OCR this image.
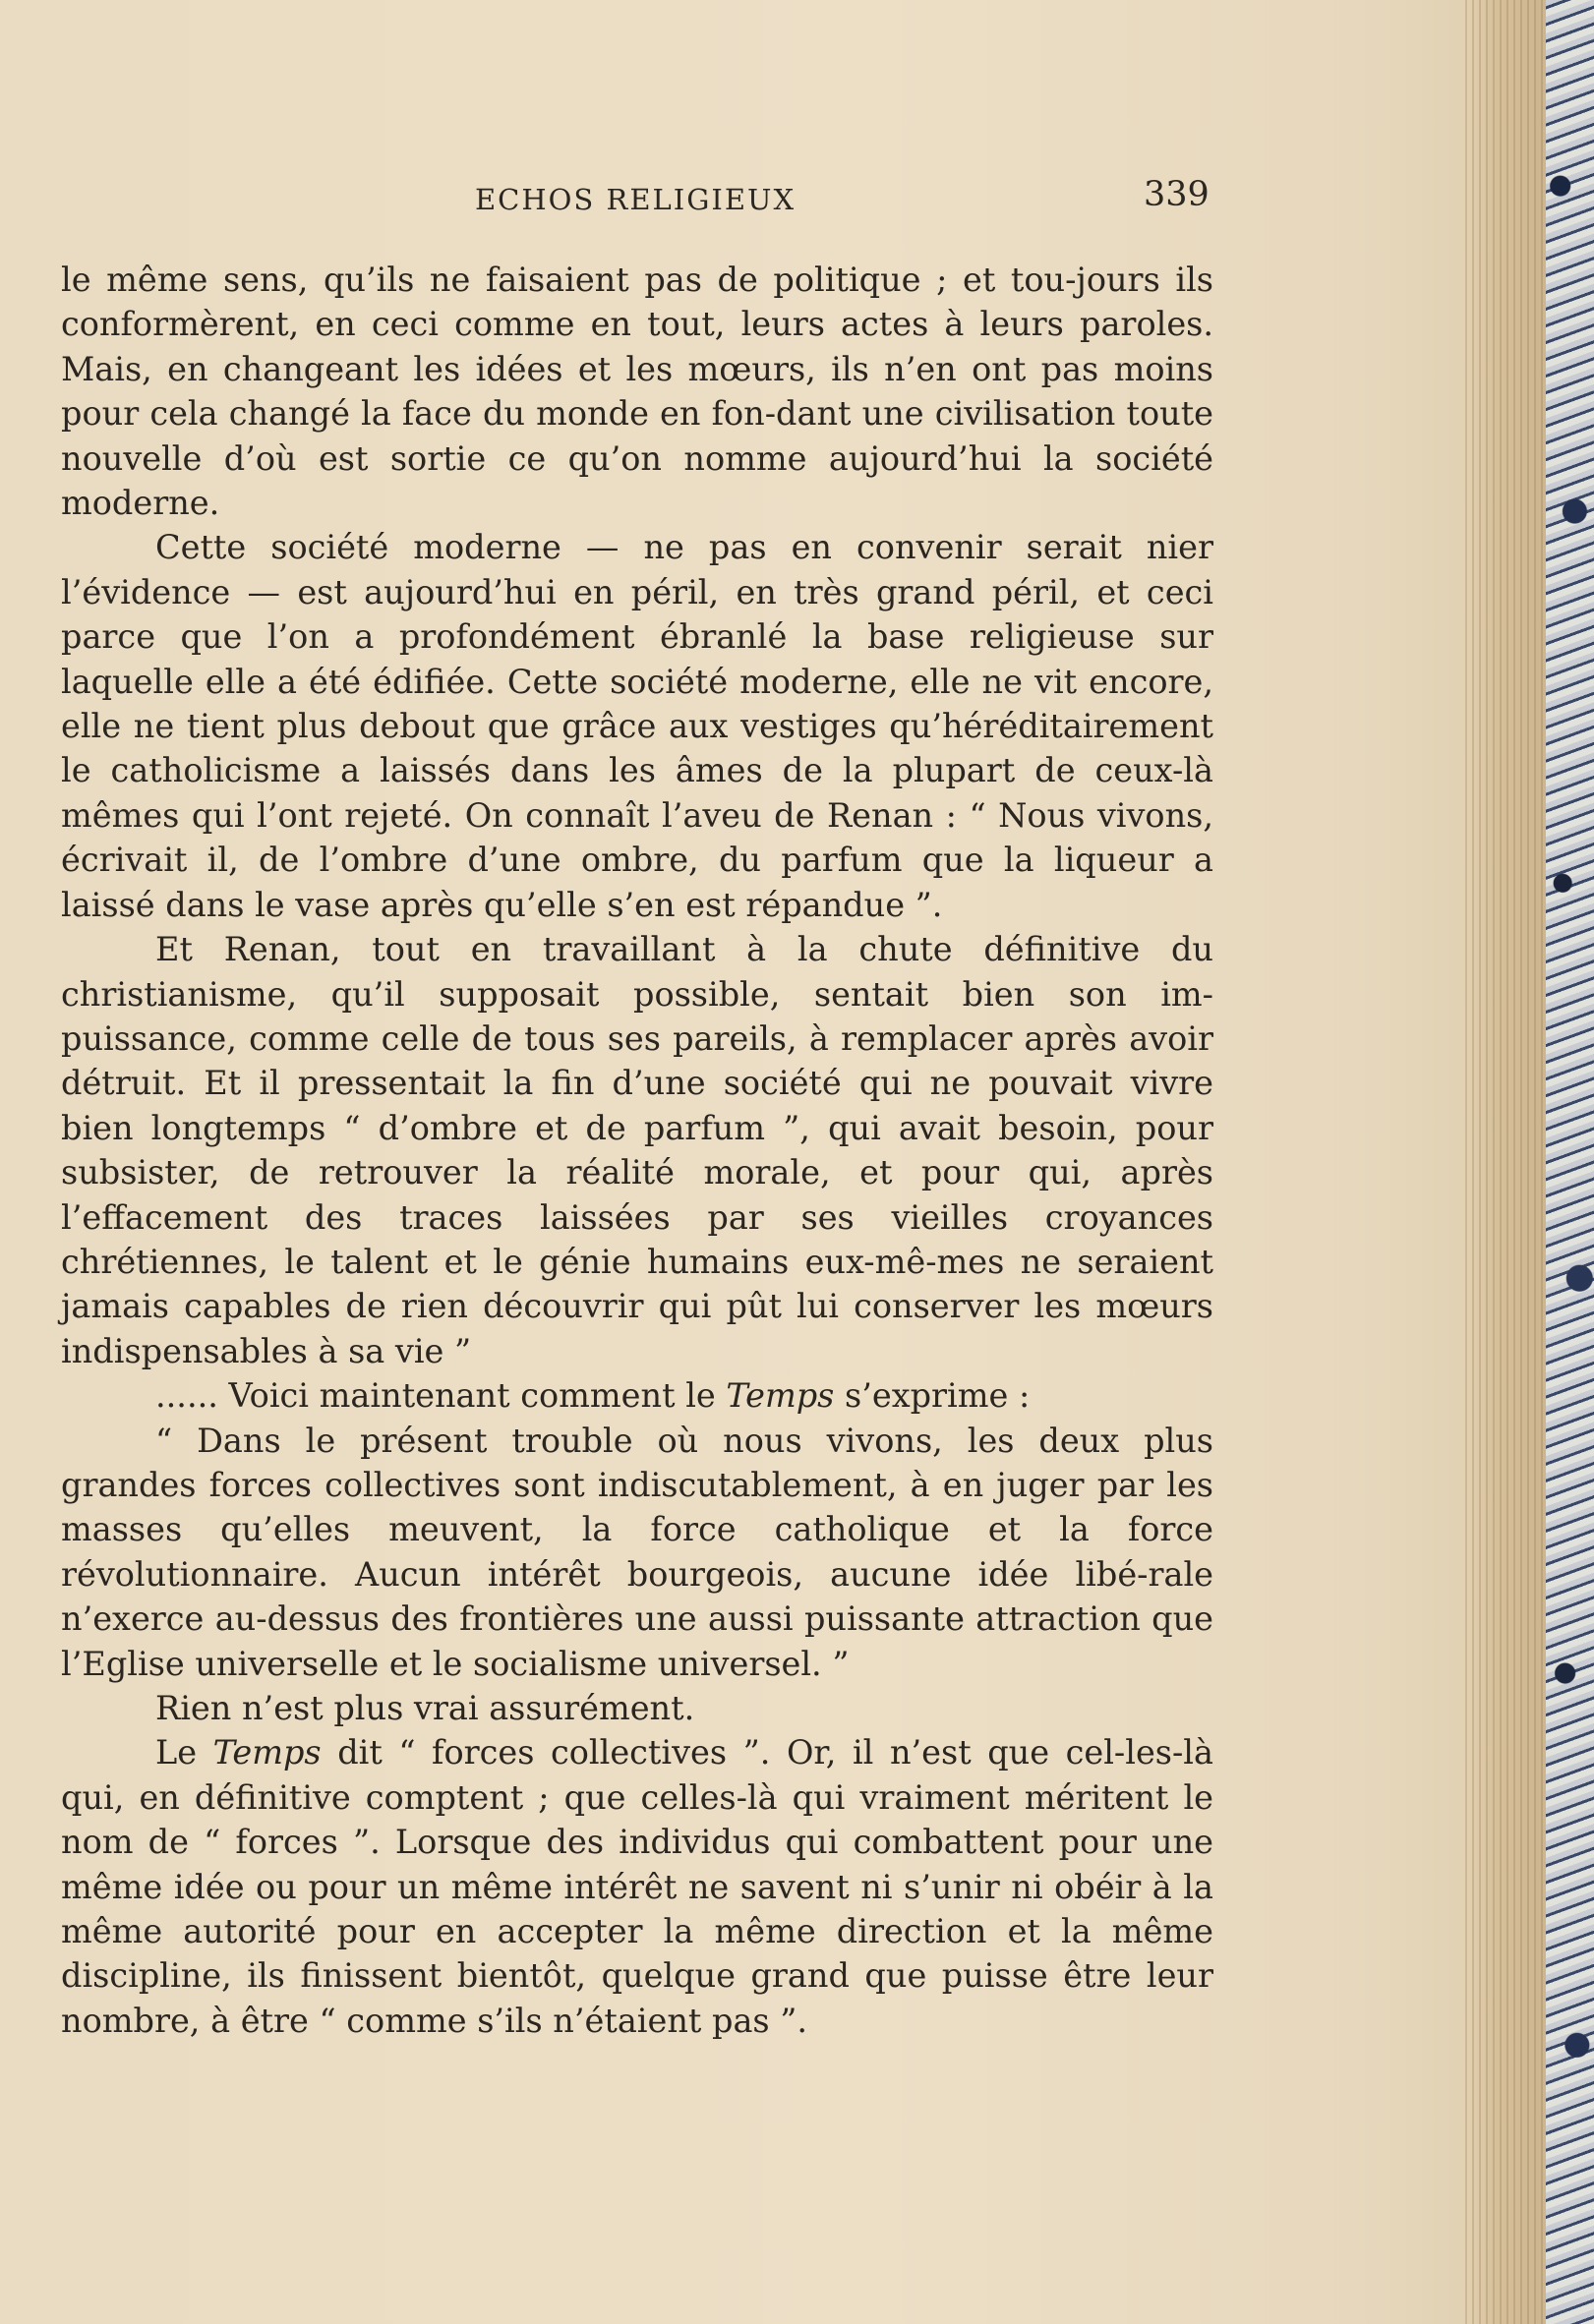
ECHOS RELIGIEUX	339

le même sens, qu’ils ne faisaient pas de politique ; et tou-jours ils conformèrent, en ceci comme en tout, leurs actes à leurs paroles. Mais, en changeant les idées et les mœurs, ils n’en ont pas moins pour cela changé la face du monde en fon-dant une civilisation toute nouvelle d’où est sortie ce qu’on nomme aujourd’hui la société moderne.

Cette société moderne — ne pas en convenir serait nier l’évidence — est aujourd’hui en péril, en très grand péril, et ceci parce que l’on a profondément ébranlé la base religieuse sur laquelle elle a été édifiée. Cette société moderne, elle ne vit encore, elle ne tient plus debout que grâce aux vestiges qu’héréditairement le catholicisme a laissés dans les âmes de la plupart de ceux-là mêmes qui l’ont rejeté. On connaît l’aveu de Renan : “ Nous vivons, écrivait il, de l’ombre d’une ombre, du parfum que la liqueur a laissé dans le vase après qu’elle s’en est répandue ”.

Et Renan, tout en travaillant à la chute définitive du christianisme, qu’il supposait possible, sentait bien son im-puissance, comme celle de tous ses pareils, à remplacer après avoir détruit. Et il pressentait la fin d’une société qui ne pouvait vivre bien longtemps “ d’ombre et de parfum ”, qui avait besoin, pour subsister, de retrouver la réalité morale, et pour qui, après l’effacement des traces laissées par ses vieilles croyances chrétiennes, le talent et le génie humains eux-mê-mes ne seraient jamais capables de rien découvrir qui pût lui conserver les mœurs indispensables à sa vie ”

...... Voici maintenant comment le Temps s’exprime :

“ Dans le présent trouble où nous vivons, les deux plus grandes forces collectives sont indiscutablement, à en juger par les masses qu’elles meuvent, la force catholique et la force révolutionnaire. Aucun intérêt bourgeois, aucune idée libé-rale n’exerce au-dessus des frontières une aussi puissante attraction que l’Eglise universelle et le socialisme universel. ”

Rien n’est plus vrai assurément.

Le Temps dit “ forces collectives ”. Or, il n’est que cel-les-là qui, en définitive comptent ; que celles-là qui vraiment méritent le nom de “ forces ”. Lorsque des individus qui combattent pour une même idée ou pour un même intérêt ne savent ni s’unir ni obéir à la même autorité pour en accepter la même direction et la même discipline, ils finissent bientôt, quelque grand que puisse être leur nombre, à être “ comme s’ils n’étaient pas ”.
